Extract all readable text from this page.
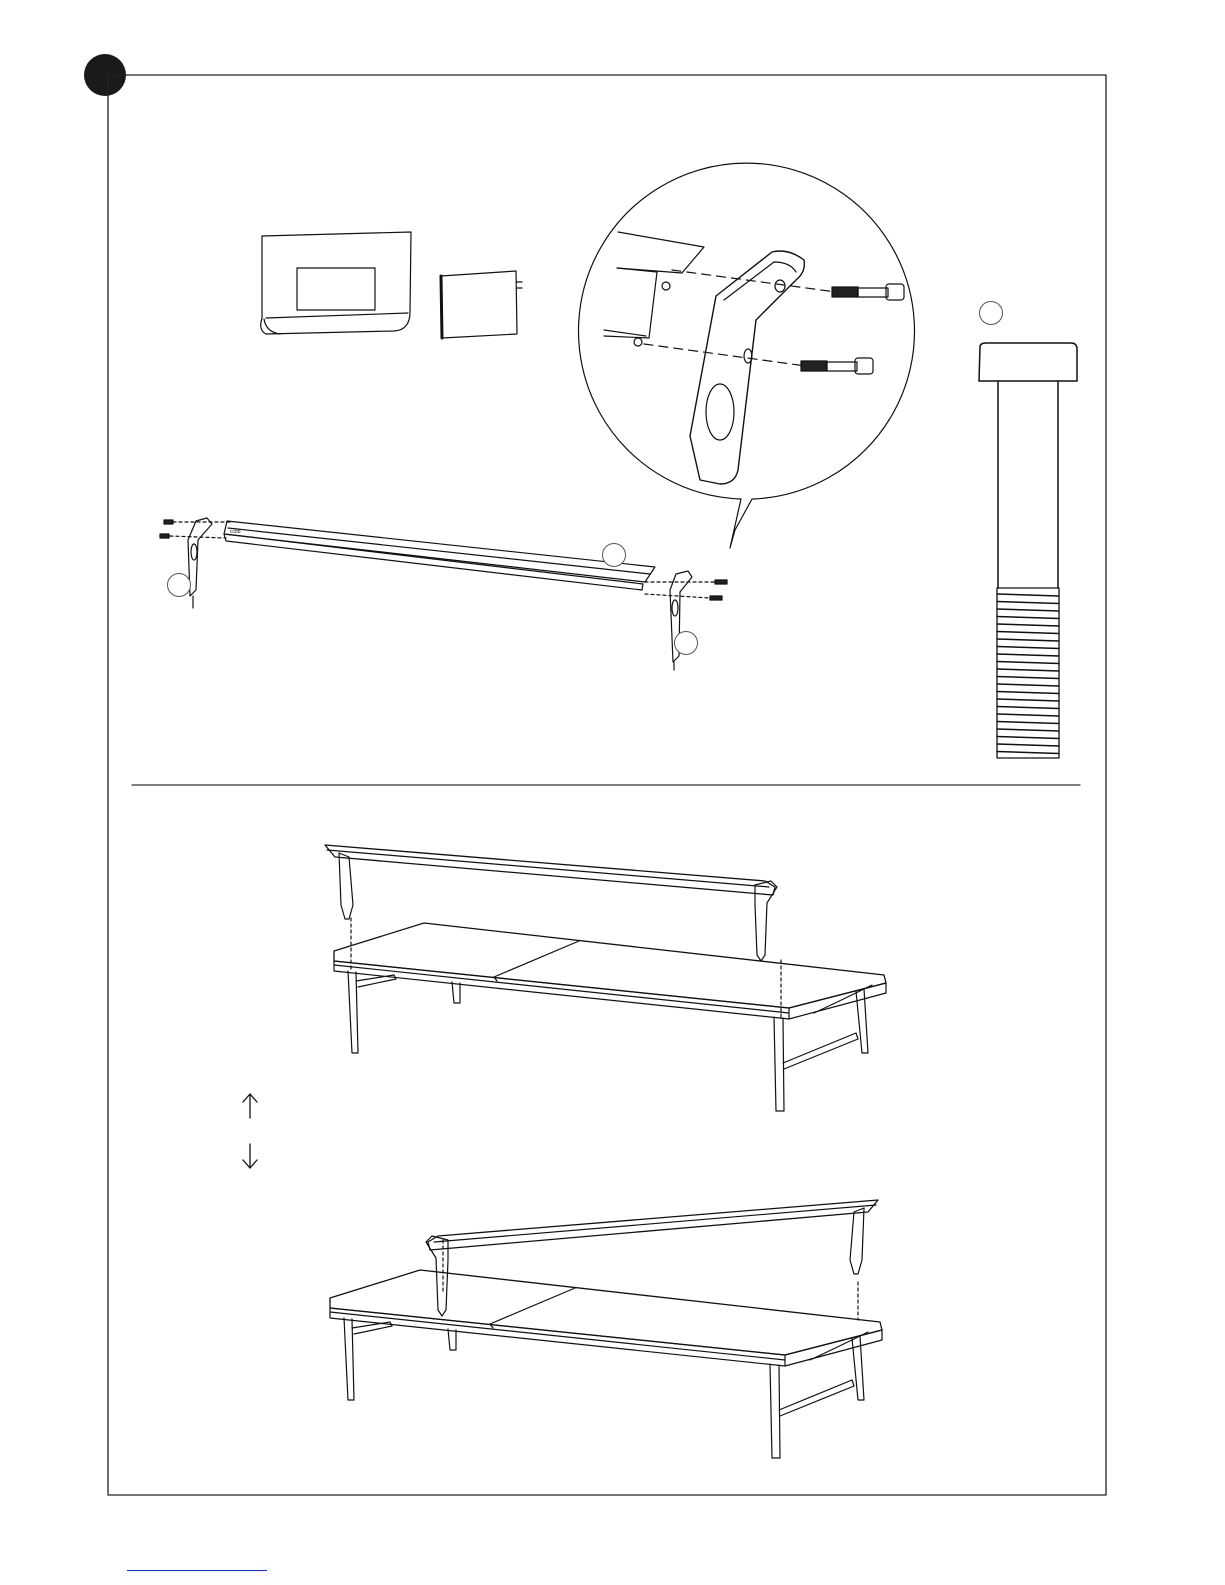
ccbb
